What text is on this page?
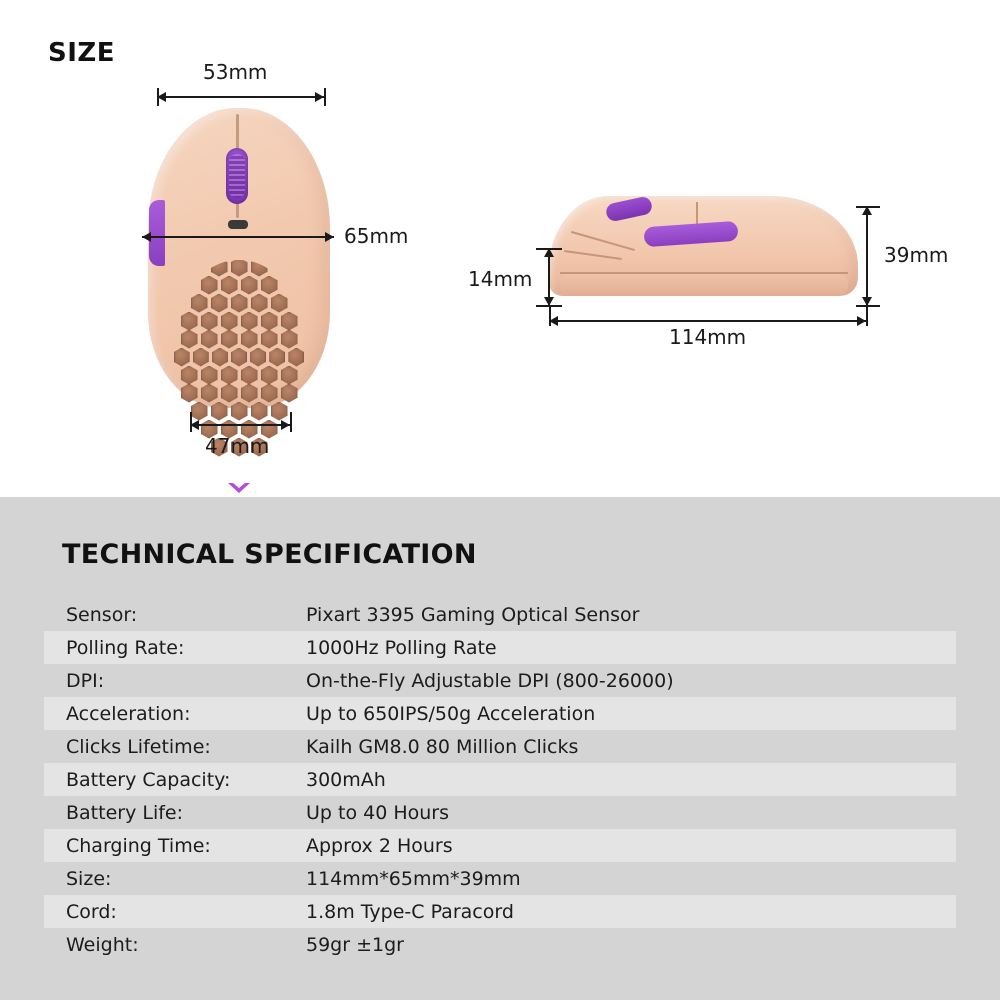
SIZE
53mm
65mm
47mm
14mm
39mm
114mm
TECHNICAL SPECIFICATION
Sensor:	Pixart 3395 Gaming Optical Sensor
Polling Rate:	1000Hz Polling Rate
DPI:	On-the-Fly Adjustable DPI (800-26000)
Acceleration:	Up to 650IPS/50g Acceleration
Clicks Lifetime:	Kailh GM8.0 80 Million Clicks
Battery Capacity:	300mAh
Battery Life:	Up to 40 Hours
Charging Time:	Approx 2 Hours
Size:	114mm*65mm*39mm
Cord:	1.8m Type-C Paracord
Weight:	59gr ±1gr
